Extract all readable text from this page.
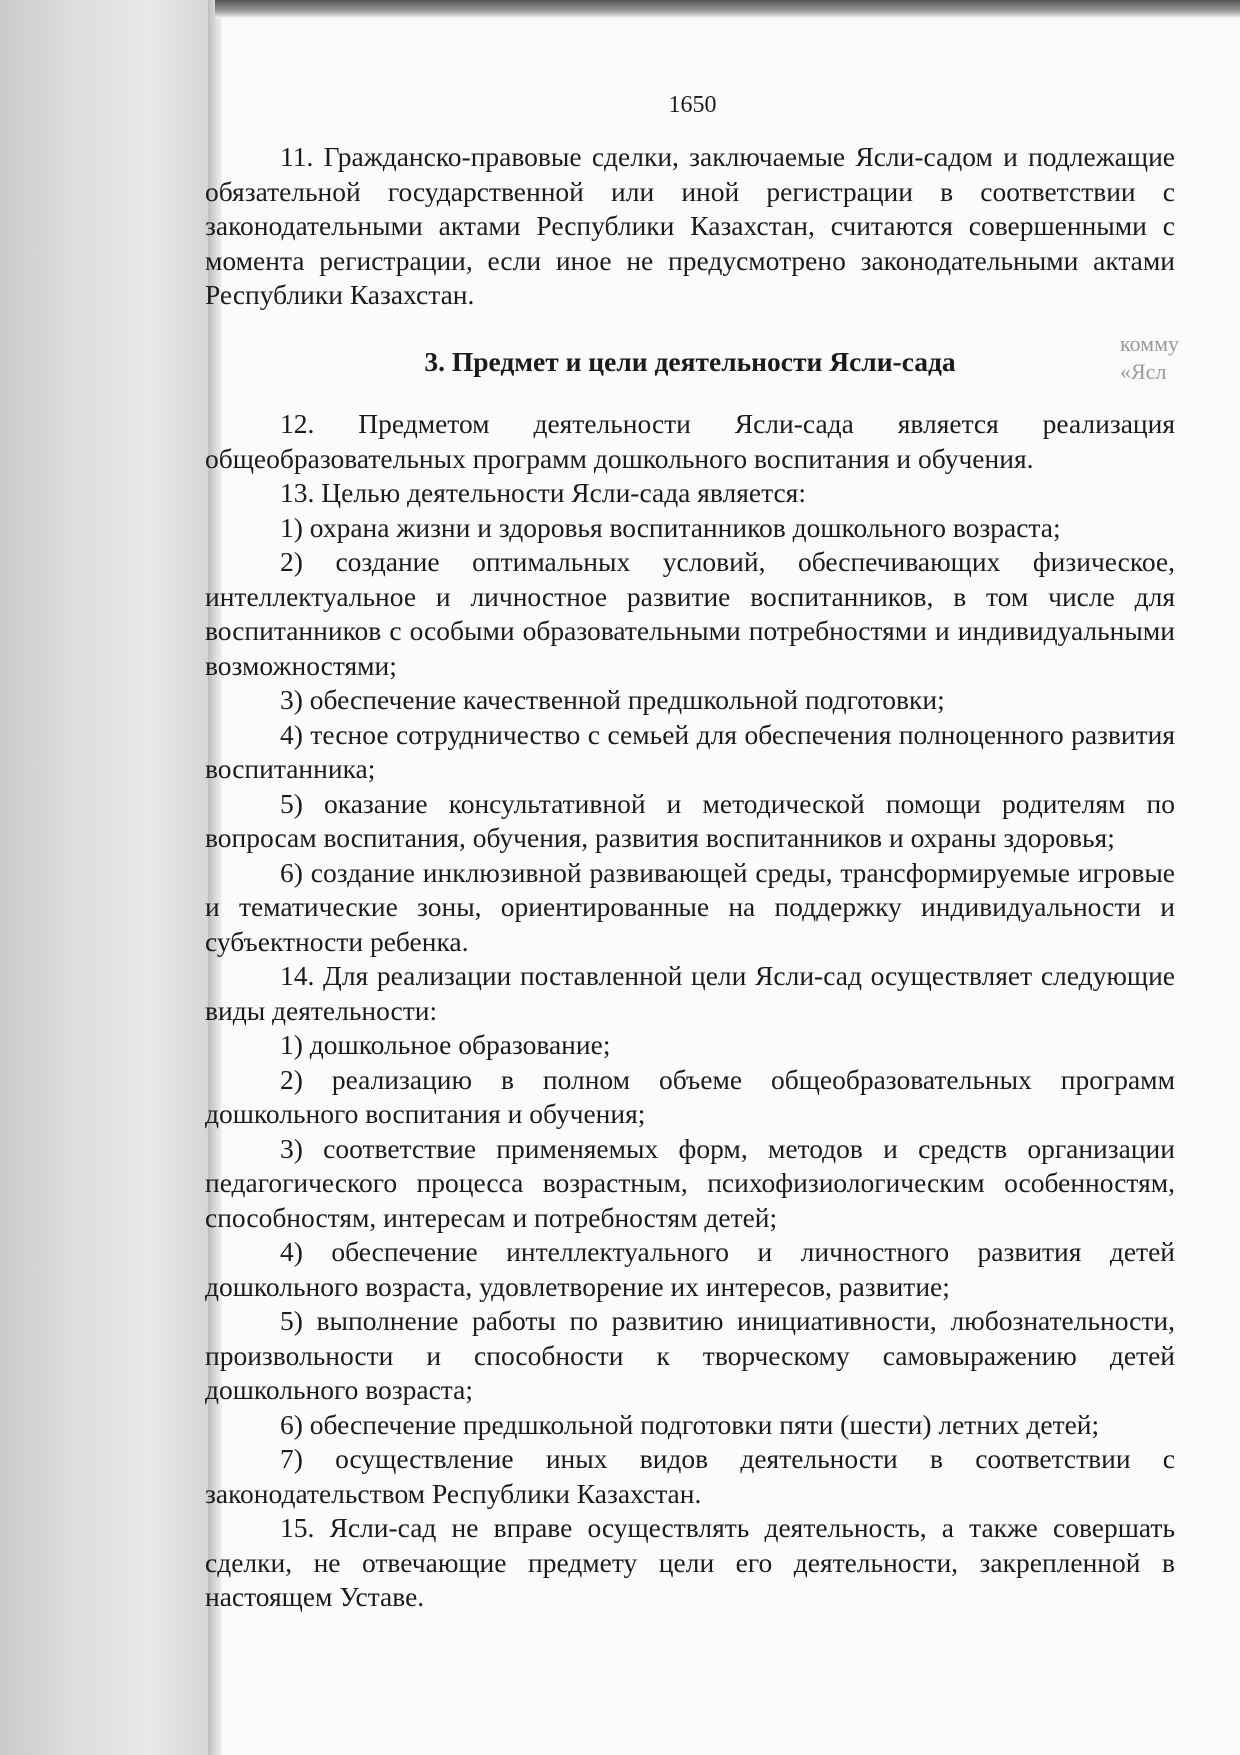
комму
«Ясл
1650

11. Гражданско-правовые сделки, заключаемые Ясли-садом и подлежащие обязательной государственной или иной регистрации в соответствии с законодательными актами Республики Казахстан, считаются совершенными с момента регистрации, если иное не предусмотрено законодательными актами Республики Казахстан.

3. Предмет и цели деятельности Ясли-сада

12. Предметом деятельности Ясли-сада является реализация общеобразовательных программ дошкольного воспитания и обучения.

13. Целью деятельности Ясли-сада является:

1) охрана жизни и здоровья воспитанников дошкольного возраста;

2) создание оптимальных условий, обеспечивающих физическое, интеллектуальное и личностное развитие воспитанников, в том числе для воспитанников с особыми образовательными потребностями и индивидуальными возможностями;

3) обеспечение качественной предшкольной подготовки;

4) тесное сотрудничество с семьей для обеспечения полноценного развития воспитанника;

5) оказание консультативной и методической помощи родителям по вопросам воспитания, обучения, развития воспитанников и охраны здоровья;

6) создание инклюзивной развивающей среды, трансформируемые игровые и тематические зоны, ориентированные на поддержку индивидуальности и субъектности ребенка.

14. Для реализации поставленной цели Ясли-сад осуществляет следующие виды деятельности:

1) дошкольное образование;

2) реализацию в полном объеме общеобразовательных программ дошкольного воспитания и обучения;

3) соответствие применяемых форм, методов и средств организации педагогического процесса возрастным, психофизиологическим особенностям, способностям, интересам и потребностям детей;

4) обеспечение интеллектуального и личностного развития детей дошкольного возраста, удовлетворение их интересов, развитие;

5) выполнение работы по развитию инициативности, любознательности, произвольности и способности к творческому самовыражению детей дошкольного возраста;

6) обеспечение предшкольной подготовки пяти (шести) летних детей;

7) осуществление иных видов деятельности в соответствии с законодательством Республики Казахстан.

15. Ясли-сад не вправе осуществлять деятельность, а также совершать сделки, не отвечающие предмету цели его деятельности, закрепленной в настоящем Уставе.
